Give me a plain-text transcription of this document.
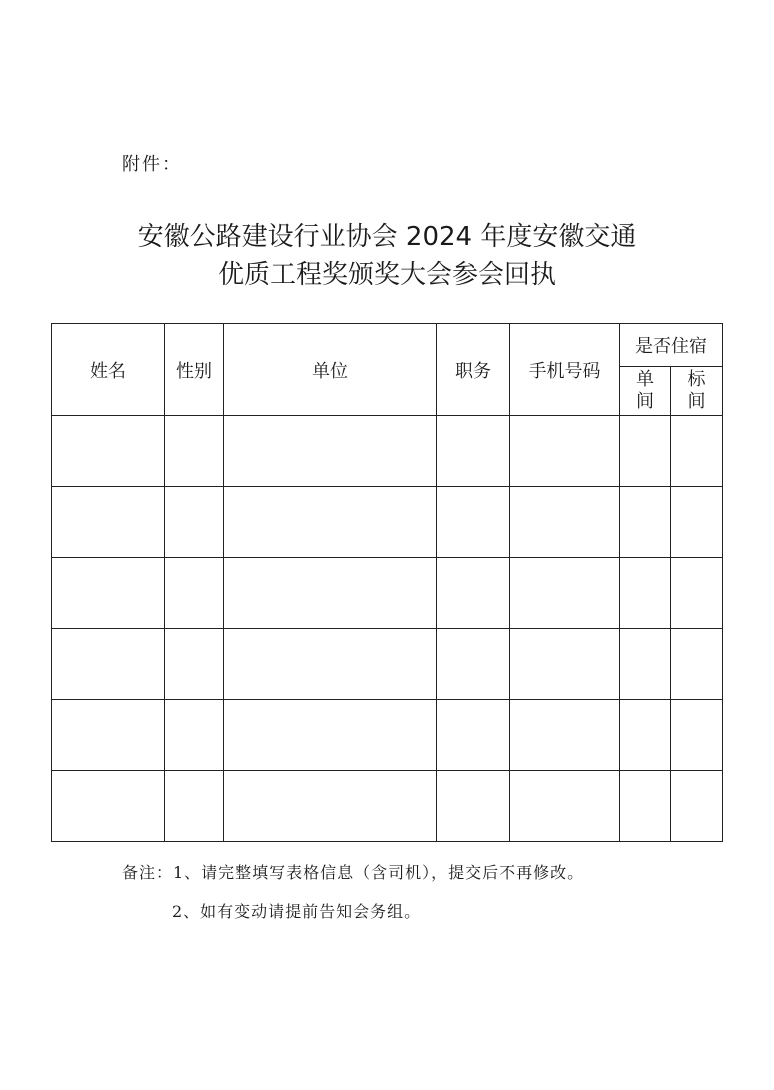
附件：
安徽公路建设行业协会 2024 年度安徽交通
优质工程奖颁奖大会参会回执
姓名	性别	单位	职务	手机号码	是否住宿	
					单间	标间

备注：1、请完整填写表格信息（含司机），提交后不再修改。
2、如有变动请提前告知会务组。
